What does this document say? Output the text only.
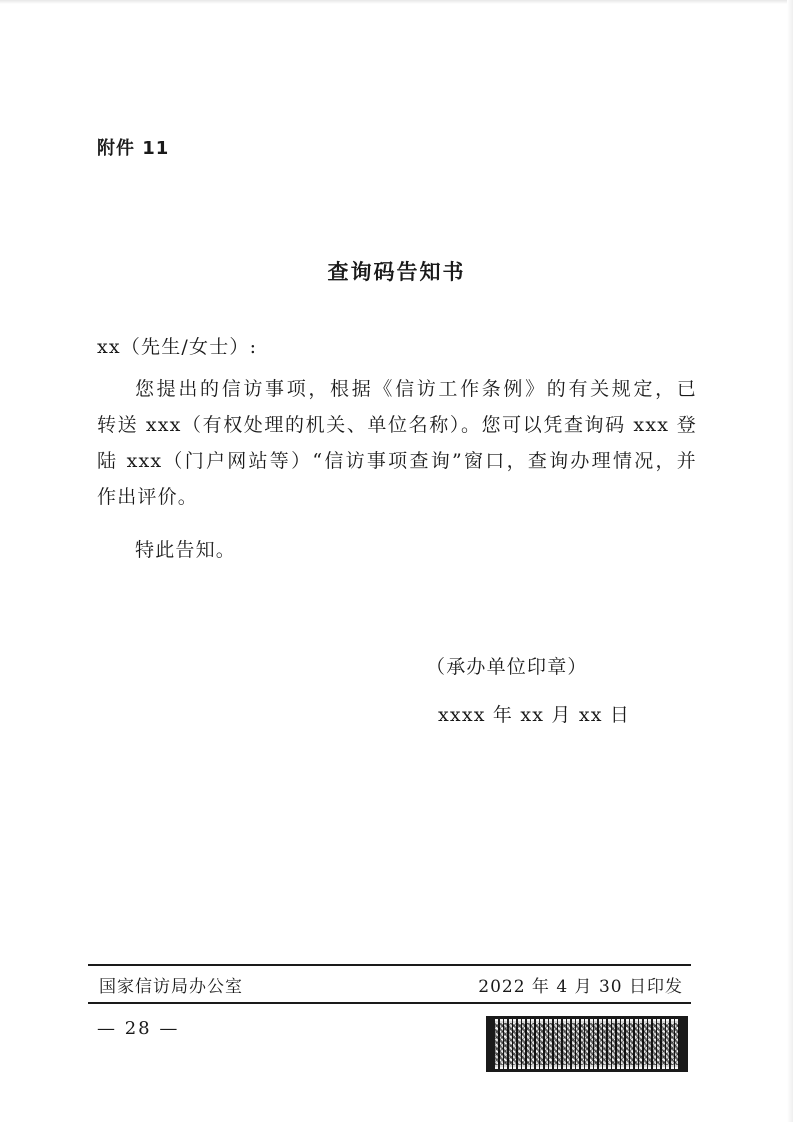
附件 11
查询码告知书
xx（先生/女士）:
您提出的信访事项，根据《信访工作条例》的有关规定，已
转送 xxx（有权处理的机关、单位名称）。您可以凭查询码 xxx 登
陆 xxx（门户网站等）“信访事项查询”窗口，查询办理情况，并
作出评价。
特此告知。
（承办单位印章）
xxxx 年 xx 月 xx 日
国家信访局办公室	2022 年 4 月 30 日印发
— 28 —
